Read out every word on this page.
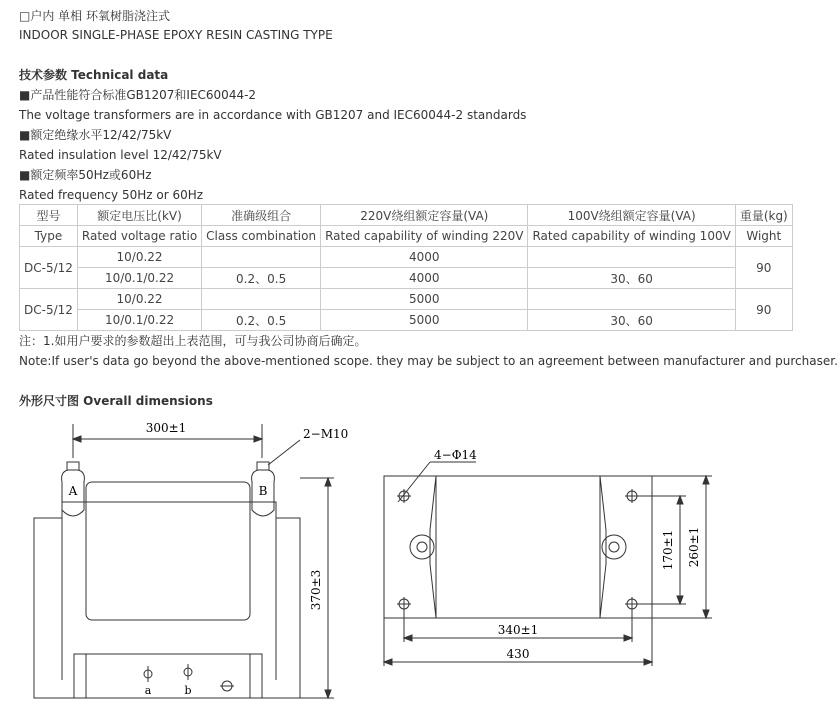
□户内 单相 环氧树脂浇注式
INDOOR SINGLE-PHASE EPOXY RESIN CASTING TYPE
技术参数 Technical data
■产品性能符合标准GB1207和IEC60044-2
The voltage transformers are in accordance with GB1207 and IEC60044-2 standards
■额定绝缘水平12/42/75kV
Rated insulation level 12/42/75kV
■额定频率50Hz或60Hz
Rated frequency 50Hz or 60Hz
型号	额定电压比(kV)	准确级组合	220V绕组额定容量(VA)	100V绕组额定容量(VA)	重量(kg)
Type	Rated voltage ratio	Class combination	Rated capability of winding 220V	Rated capability of winding 100V	Wight
DC-5/12	10/0.22		4000		90
	10/0.1/0.22	0.2、0.5	4000	30、60	
DC-5/12	10/0.22		5000		90
	10/0.1/0.22	0.2、0.5	5000	30、60	
注：1.如用户要求的参数超出上表范围，可与我公司协商后确定。
Note:If user's data go beyond the above-mentioned scope. they may be subject to an agreement between manufacturer and purchaser.
外形尺寸图 Overall dimensions
300±1	2−M10
A	B
a	b
370±3
4−Φ14
170±1 260±1
340±1
430
